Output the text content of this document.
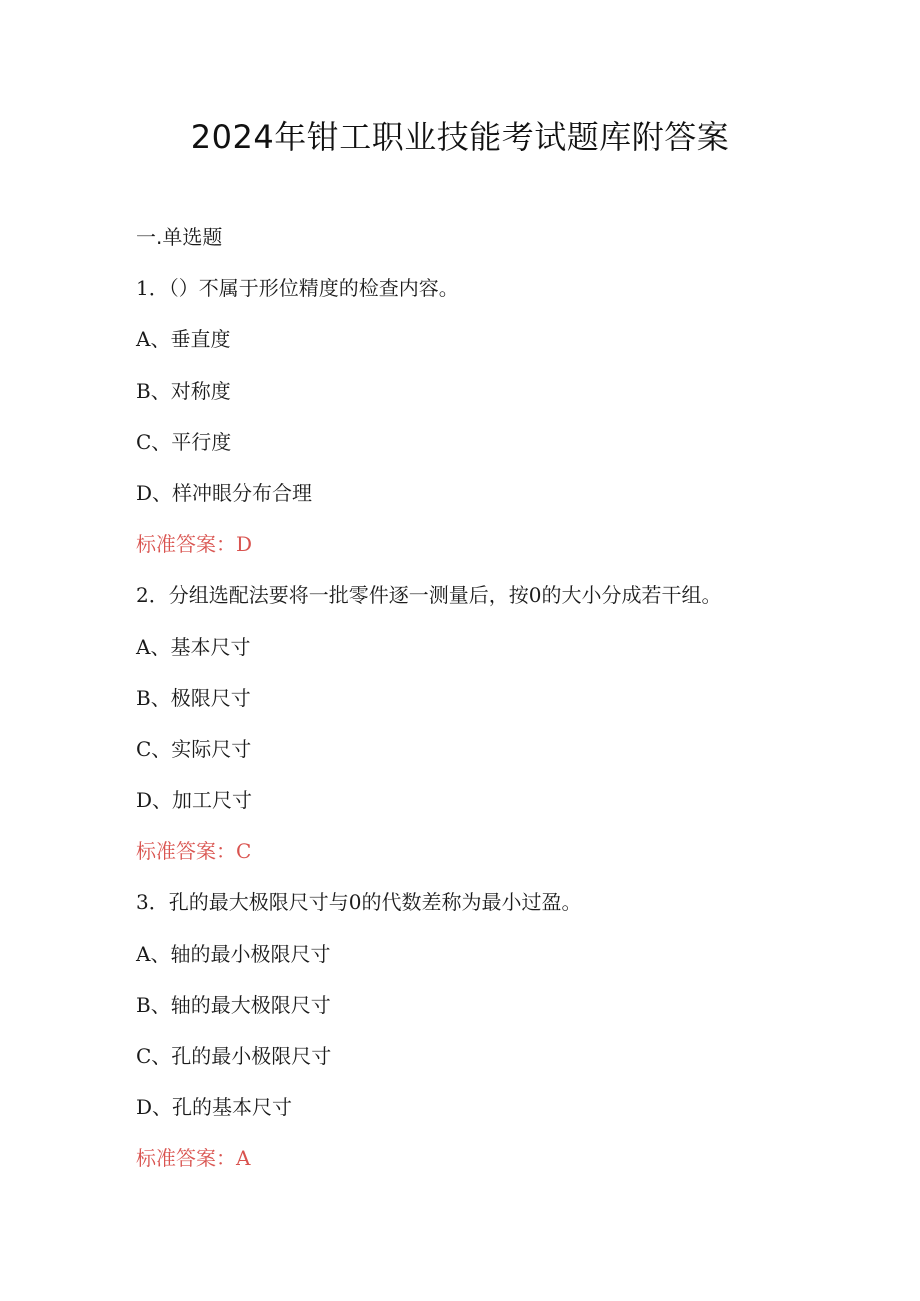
2024年钳工职业技能考试题库附答案
一.单选题
1．（）不属于形位精度的检查内容。
A、垂直度
B、对称度
C、平行度
D、样冲眼分布合理
标准答案：D
2．分组选配法要将一批零件逐一测量后，按0的大小分成若干组。
A、基本尺寸
B、极限尺寸
C、实际尺寸
D、加工尺寸
标准答案：C
3．孔的最大极限尺寸与0的代数差称为最小过盈。
A、轴的最小极限尺寸
B、轴的最大极限尺寸
C、孔的最小极限尺寸
D、孔的基本尺寸
标准答案：A
